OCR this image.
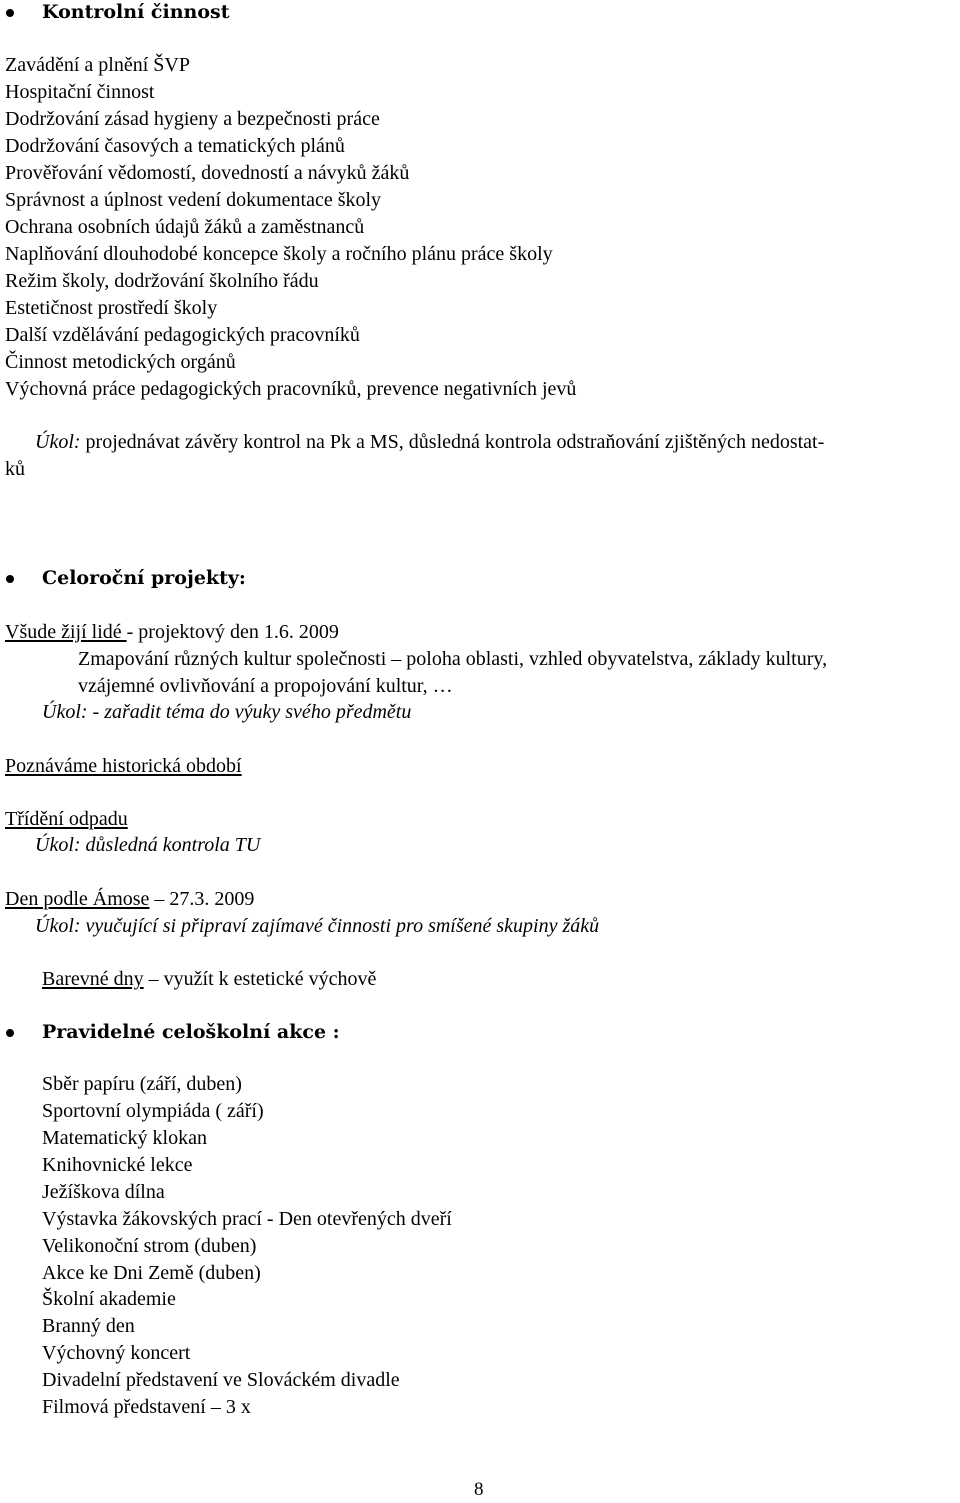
Kontrolní činnost
Zavádění a plnění ŠVP
Hospitační činnost
Dodržování zásad hygieny a bezpečnosti práce
Dodržování časových a tematických plánů
Prověřování vědomostí, dovedností a návyků žáků
Správnost a úplnost vedení dokumentace školy
Ochrana osobních údajů žáků a zaměstnanců
Naplňování dlouhodobé koncepce školy a ročního plánu práce školy
Režim školy, dodržování školního řádu
Estetičnost prostředí školy
Další vzdělávání pedagogických pracovníků
Činnost metodických orgánů
Výchovná práce pedagogických pracovníků, prevence negativních jevů
Úkol: projednávat závěry kontrol na Pk a MS, důsledná kontrola odstraňování zjištěných nedostat-
ků
Celoroční projekty:
Všude žijí lidé - projektový den 1.6. 2009
Zmapování různých kultur společnosti – poloha oblasti, vzhled obyvatelstva, základy kultury,
vzájemné ovlivňování a propojování kultur, …
Úkol: - zařadit téma do výuky svého předmětu
Poznáváme historická období
Třídění odpadu
Úkol: důsledná kontrola TU
Den podle Ámose – 27.3. 2009
Úkol: vyučující si připraví zajímavé činnosti pro smíšené skupiny žáků
Barevné dny – využít k estetické výchově
Pravidelné celoškolní akce :
Sběr papíru (září, duben)
Sportovní olympiáda ( září)
Matematický klokan
Knihovnické lekce
Ježíškova dílna
Výstavka žákovských prací - Den otevřených dveří
Velikonoční strom (duben)
Akce ke Dni Země (duben)
Školní akademie
Branný den
Výchovný koncert
Divadelní představení ve Slováckém divadle
Filmová představení – 3 x
8
